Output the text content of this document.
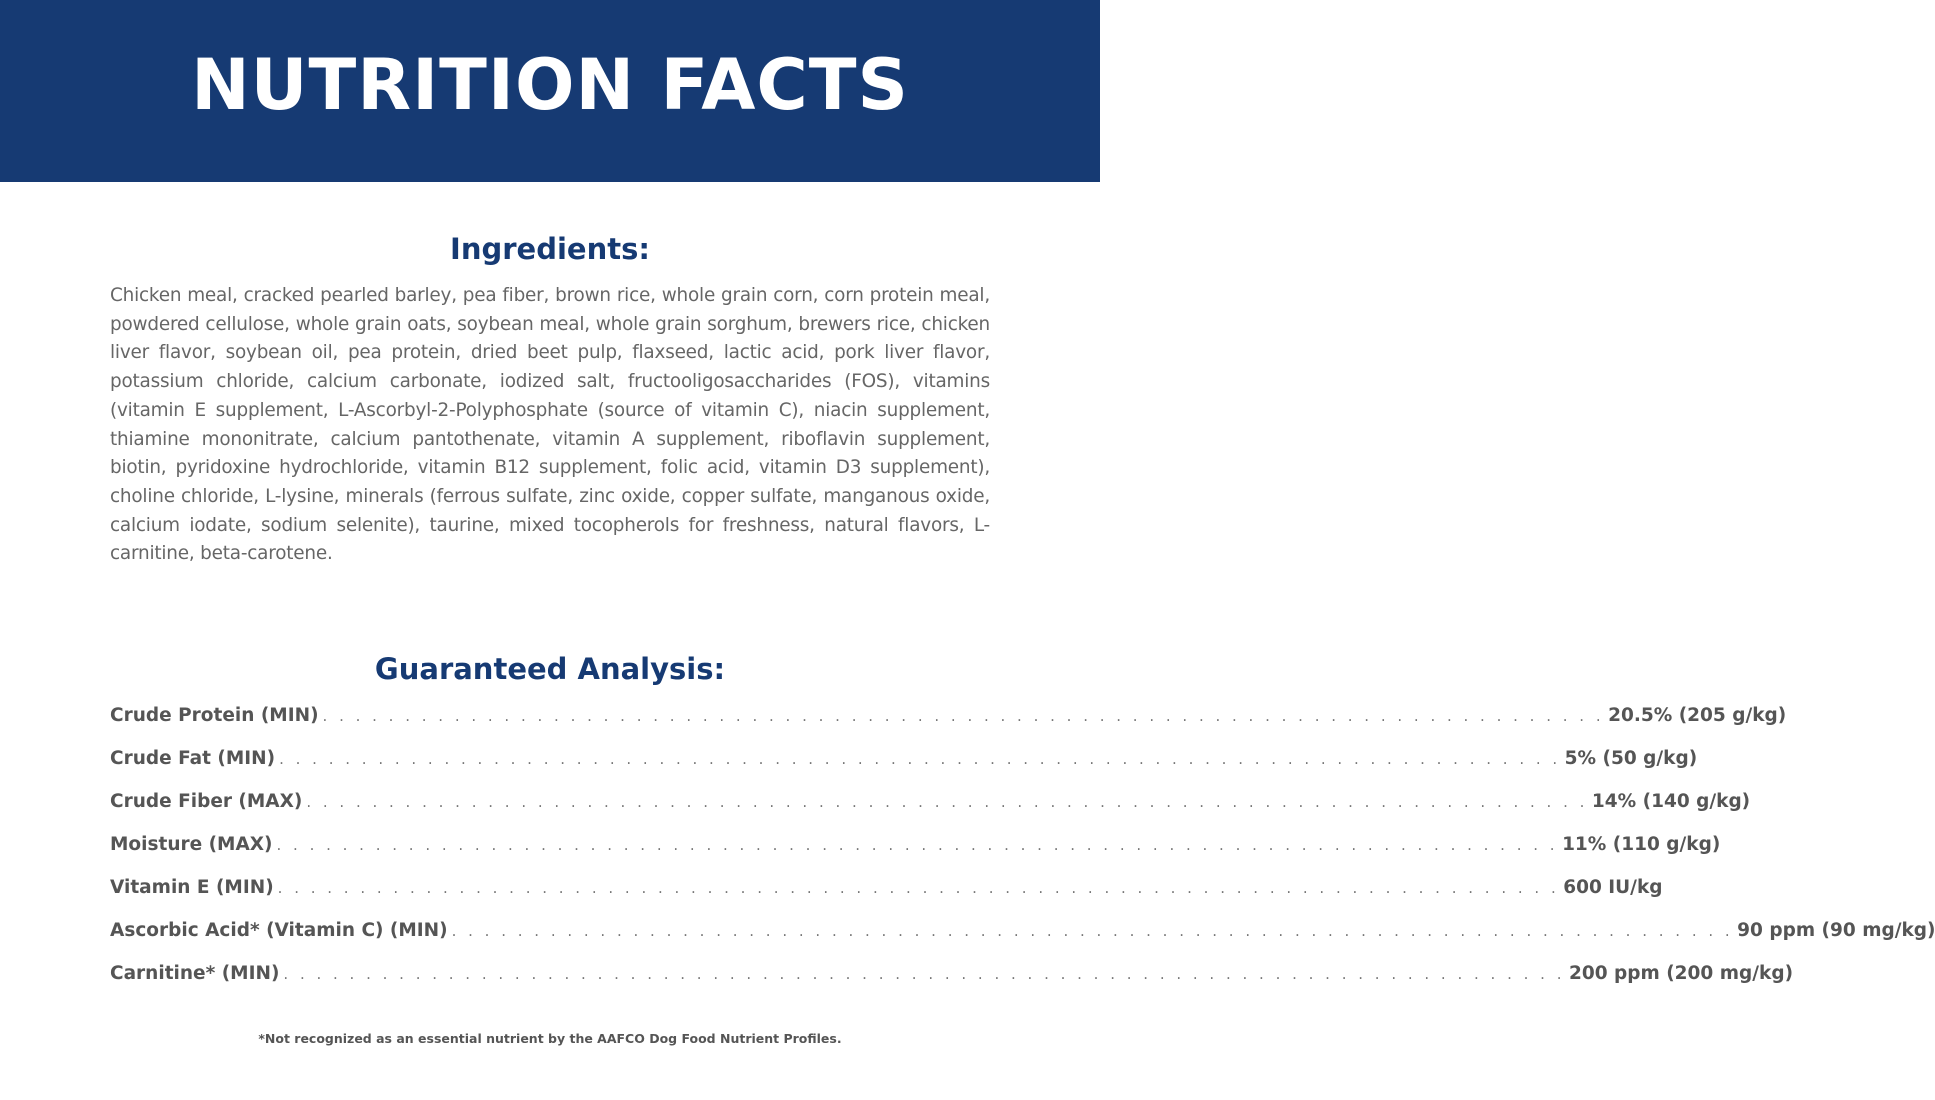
NUTRITION FACTS
Ingredients:
Chicken meal, cracked pearled barley, pea fiber, brown rice, whole grain corn, corn protein meal, powdered cellulose, whole grain oats, soybean meal, whole grain sorghum, brewers rice, chicken liver flavor, soybean oil, pea protein, dried beet pulp, flaxseed, lactic acid, pork liver flavor, potassium chloride, calcium carbonate, iodized salt, fructooligosaccharides (FOS), vitamins (vitamin E supplement, L-Ascorbyl-2-Polyphosphate (source of vitamin C), niacin supplement, thiamine mononitrate, calcium pantothenate, vitamin A supplement, riboflavin supplement, biotin, pyridoxine hydrochloride, vitamin B12 supplement, folic acid, vitamin D3 supplement), choline chloride, L-lysine, minerals (ferrous sulfate, zinc oxide, copper sulfate, manganous oxide, calcium iodate, sodium selenite), taurine, mixed tocopherols for freshness, natural flavors, L-carnitine, beta-carotene.
Guaranteed Analysis:
Crude Protein (MIN) . . . . . . . . . . . . . . . . . . . . . . . . . . . . . . . . . . . . . . . . . . . . . . . . . . . . . . . . . . . . . . . . . . . . . . . . . . . . . . 20.5% (205 g/kg)
Crude Fat (MIN) . . . . . . . . . . . . . . . . . . . . . . . . . . . . . . . . . . . . . . . . . . . . . . . . . . . . . . . . . . . . . . . . . . . . . . . . . . . . . . 5% (50 g/kg)
Crude Fiber (MAX) . . . . . . . . . . . . . . . . . . . . . . . . . . . . . . . . . . . . . . . . . . . . . . . . . . . . . . . . . . . . . . . . . . . . . . . . . . . . . . 14% (140 g/kg)
Moisture (MAX) . . . . . . . . . . . . . . . . . . . . . . . . . . . . . . . . . . . . . . . . . . . . . . . . . . . . . . . . . . . . . . . . . . . . . . . . . . . . . . 11% (110 g/kg)
Vitamin E (MIN) . . . . . . . . . . . . . . . . . . . . . . . . . . . . . . . . . . . . . . . . . . . . . . . . . . . . . . . . . . . . . . . . . . . . . . . . . . . . . . 600 IU/kg
Ascorbic Acid* (Vitamin C) (MIN) . . . . . . . . . . . . . . . . . . . . . . . . . . . . . . . . . . . . . . . . . . . . . . . . . . . . . . . . . . . . . . . . . . . . . . . . . . . . . . 90 ppm (90 mg/kg)
Carnitine* (MIN) . . . . . . . . . . . . . . . . . . . . . . . . . . . . . . . . . . . . . . . . . . . . . . . . . . . . . . . . . . . . . . . . . . . . . . . . . . . . . . 200 ppm (200 mg/kg)
*Not recognized as an essential nutrient by the AAFCO Dog Food Nutrient Profiles.
